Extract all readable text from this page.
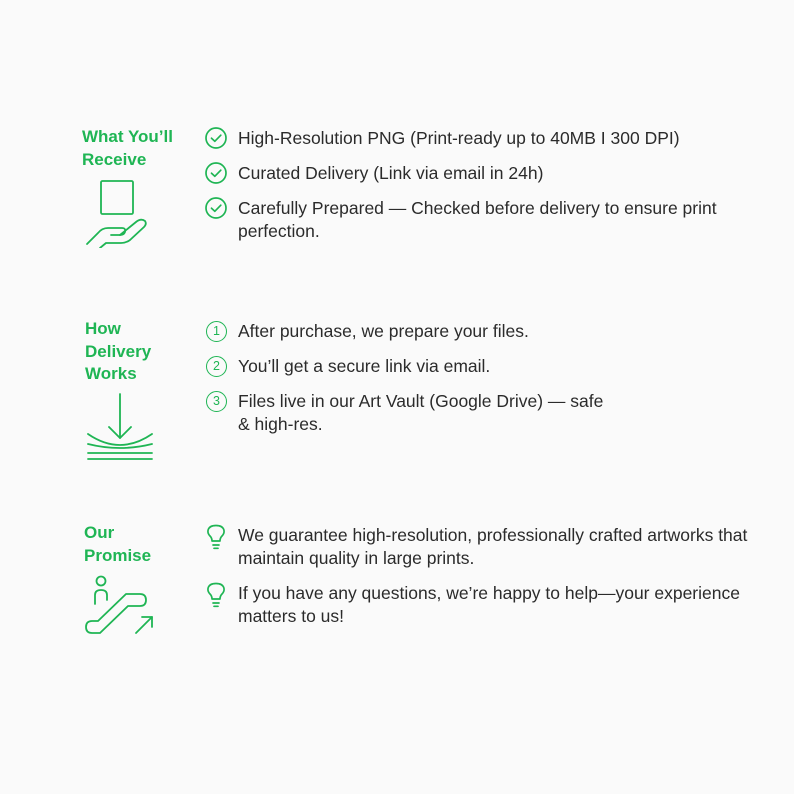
What You’ll
Receive

High-Resolution PNG (Print-ready up to 40MB I 300 DPI)
Curated Delivery (Link via email in 24h)
Carefully Prepared — Checked before delivery to ensure print perfection.

How
Delivery
Works

1	After purchase, we prepare your files.
2	You’ll get a secure link via email.
3	Files live in our Art Vault (Google Drive) — safe & high-res.

Our
Promise

We guarantee high-resolution, professionally crafted artworks that maintain quality in large prints.
If you have any questions, we’re happy to help—your experience matters to us!
